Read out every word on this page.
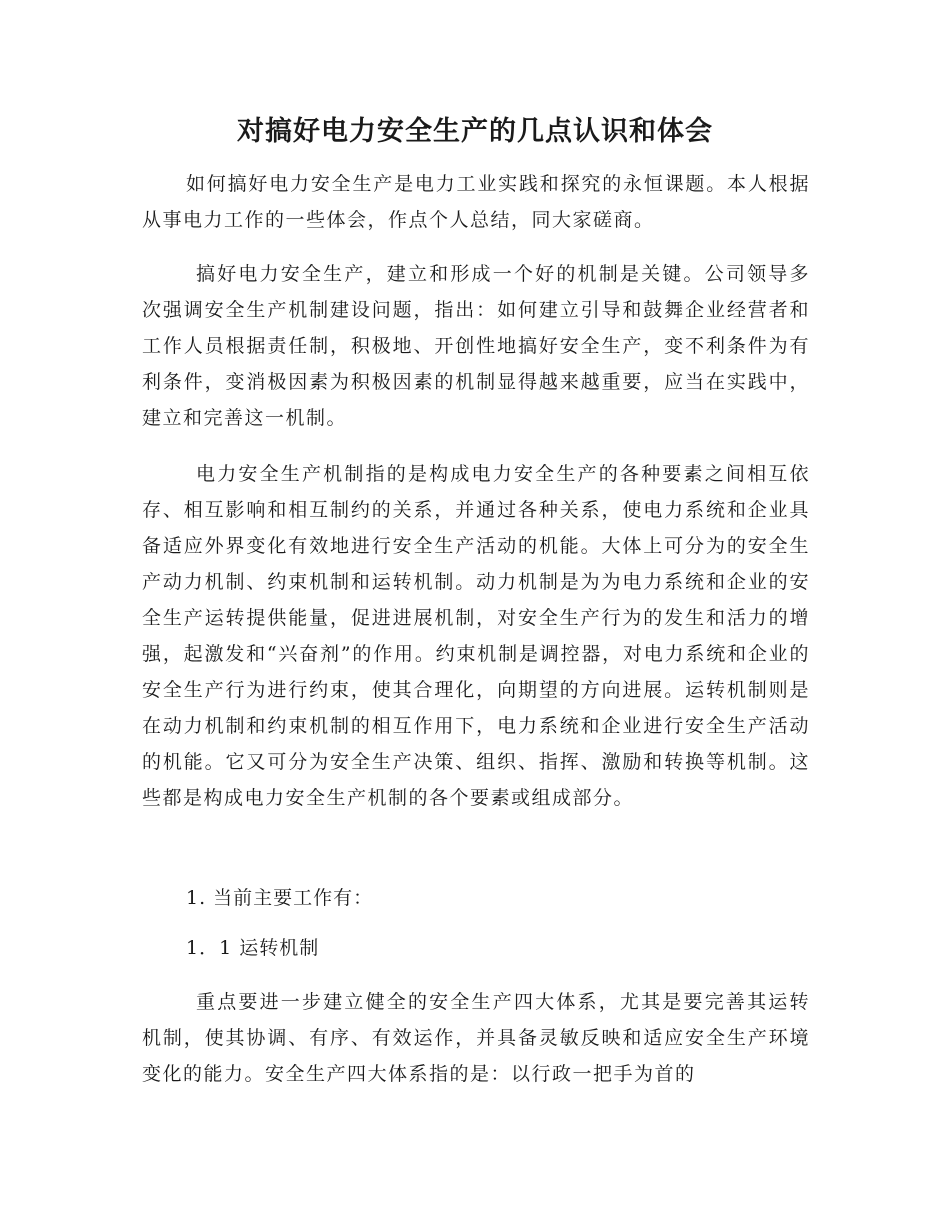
对搞好电力安全生产的几点认识和体会

如何搞好电力安全生产是电力工业实践和探究的永恒课题。本人根据从事电力工作的一些体会，作点个人总结，同大家磋商。

搞好电力安全生产，建立和形成一个好的机制是关键。公司领导多次强调安全生产机制建设问题，指出：如何建立引导和鼓舞企业经营者和工作人员根据责任制，积极地、开创性地搞好安全生产，变不利条件为有利条件，变消极因素为积极因素的机制显得越来越重要，应当在实践中，建立和完善这一机制。

电力安全生产机制指的是构成电力安全生产的各种要素之间相互依存、相互影响和相互制约的关系，并通过各种关系，使电力系统和企业具备适应外界变化有效地进行安全生产活动的机能。大体上可分为的安全生产动力机制、约束机制和运转机制。动力机制是为为电力系统和企业的安全生产运转提供能量，促进进展机制，对安全生产行为的发生和活力的增强，起激发和“兴奋剂”的作用。约束机制是调控器，对电力系统和企业的安全生产行为进行约束，使其合理化，向期望的方向进展。运转机制则是在动力机制和约束机制的相互作用下，电力系统和企业进行安全生产活动的机能。它又可分为安全生产决策、组织、指挥、激励和转换等机制。这些都是构成电力安全生产机制的各个要素或组成部分。

1. 当前主要工作有：

1．1 运转机制

重点要进一步建立健全的安全生产四大体系，尤其是要完善其运转机制，使其协调、有序、有效运作，并具备灵敏反映和适应安全生产环境变化的能力。安全生产四大体系指的是：以行政一把手为首的
